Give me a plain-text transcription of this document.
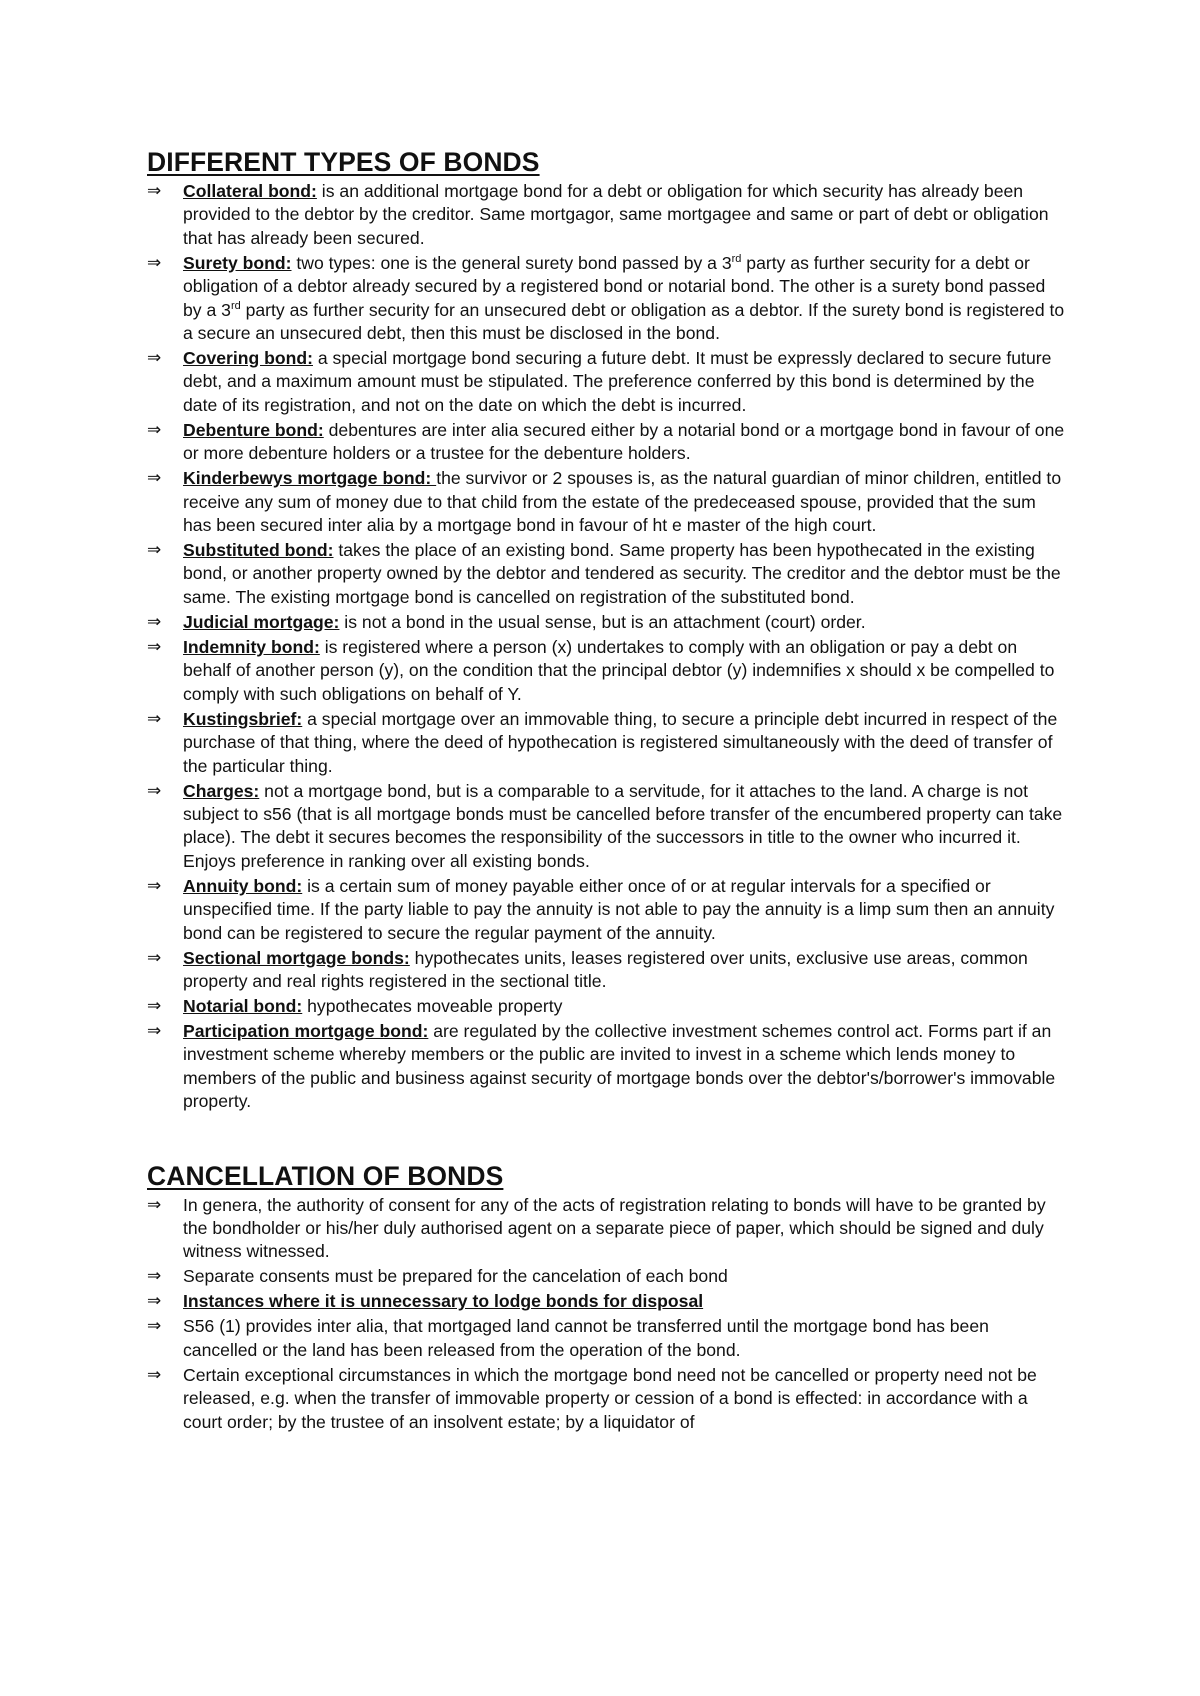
DIFFERENT TYPES OF BONDS
⇒ Collateral bond: is an additional mortgage bond for a debt or obligation for which security has already been provided to the debtor by the creditor. Same mortgagor, same mortgagee and same or part of debt or obligation that has already been secured.
⇒ Surety bond: two types: one is the general surety bond passed by a 3rd party as further security for a debt or obligation of a debtor already secured by a registered bond or notarial bond. The other is a surety bond passed by a 3rd party as further security for an unsecured debt or obligation as a debtor. If the surety bond is registered to a secure an unsecured debt, then this must be disclosed in the bond.
⇒ Covering bond: a special mortgage bond securing a future debt. It must be expressly declared to secure future debt, and a maximum amount must be stipulated. The preference conferred by this bond is determined by the date of its registration, and not on the date on which the debt is incurred.
⇒ Debenture bond: debentures are inter alia secured either by a notarial bond or a mortgage bond in favour of one or more debenture holders or a trustee for the debenture holders.
⇒ Kinderbewys mortgage bond: the survivor or 2 spouses is, as the natural guardian of minor children, entitled to receive any sum of money due to that child from the estate of the predeceased spouse, provided that the sum has been secured inter alia by a mortgage bond in favour of ht e master of the high court.
⇒ Substituted bond: takes the place of an existing bond. Same property has been hypothecated in the existing bond, or another property owned by the debtor and tendered as security. The creditor and the debtor must be the same. The existing mortgage bond is cancelled on registration of the substituted bond.
⇒ Judicial mortgage: is not a bond in the usual sense, but is an attachment (court) order.
⇒ Indemnity bond: is registered where a person (x) undertakes to comply with an obligation or pay a debt on behalf of another person (y), on the condition that the principal debtor (y) indemnifies x should x be compelled to comply with such obligations on behalf of Y.
⇒ Kustingsbrief: a special mortgage over an immovable thing, to secure a principle debt incurred in respect of the purchase of that thing, where the deed of hypothecation is registered simultaneously with the deed of transfer of the particular thing.
⇒ Charges: not a mortgage bond, but is a comparable to a servitude, for it attaches to the land. A charge is not subject to s56 (that is all mortgage bonds must be cancelled before transfer of the encumbered property can take place). The debt it secures becomes the responsibility of the successors in title to the owner who incurred it. Enjoys preference in ranking over all existing bonds.
⇒ Annuity bond: is a certain sum of money payable either once of or at regular intervals for a specified or unspecified time. If the party liable to pay the annuity is not able to pay the annuity is a limp sum then an annuity bond can be registered to secure the regular payment of the annuity.
⇒ Sectional mortgage bonds: hypothecates units, leases registered over units, exclusive use areas, common property and real rights registered in the sectional title.
⇒ Notarial bond: hypothecates moveable property
⇒ Participation mortgage bond: are regulated by the collective investment schemes control act. Forms part if an investment scheme whereby members or the public are invited to invest in a scheme which lends money to members of the public and business against security of mortgage bonds over the debtor's/borrower's immovable property.
CANCELLATION OF BONDS
⇒ In genera, the authority of consent for any of the acts of registration relating to bonds will have to be granted by the bondholder or his/her duly authorised agent on a separate piece of paper, which should be signed and duly witness witnessed.
⇒ Separate consents must be prepared for the cancelation of each bond
⇒ Instances where it is unnecessary to lodge bonds for disposal
⇒ S56 (1) provides inter alia, that mortgaged land cannot be transferred until the mortgage bond has been cancelled or the land has been released from the operation of the bond.
⇒ Certain exceptional circumstances in which the mortgage bond need not be cancelled or property need not be released, e.g. when the transfer of immovable property or cession of a bond is effected: in accordance with a court order; by the trustee of an insolvent estate; by a liquidator of
